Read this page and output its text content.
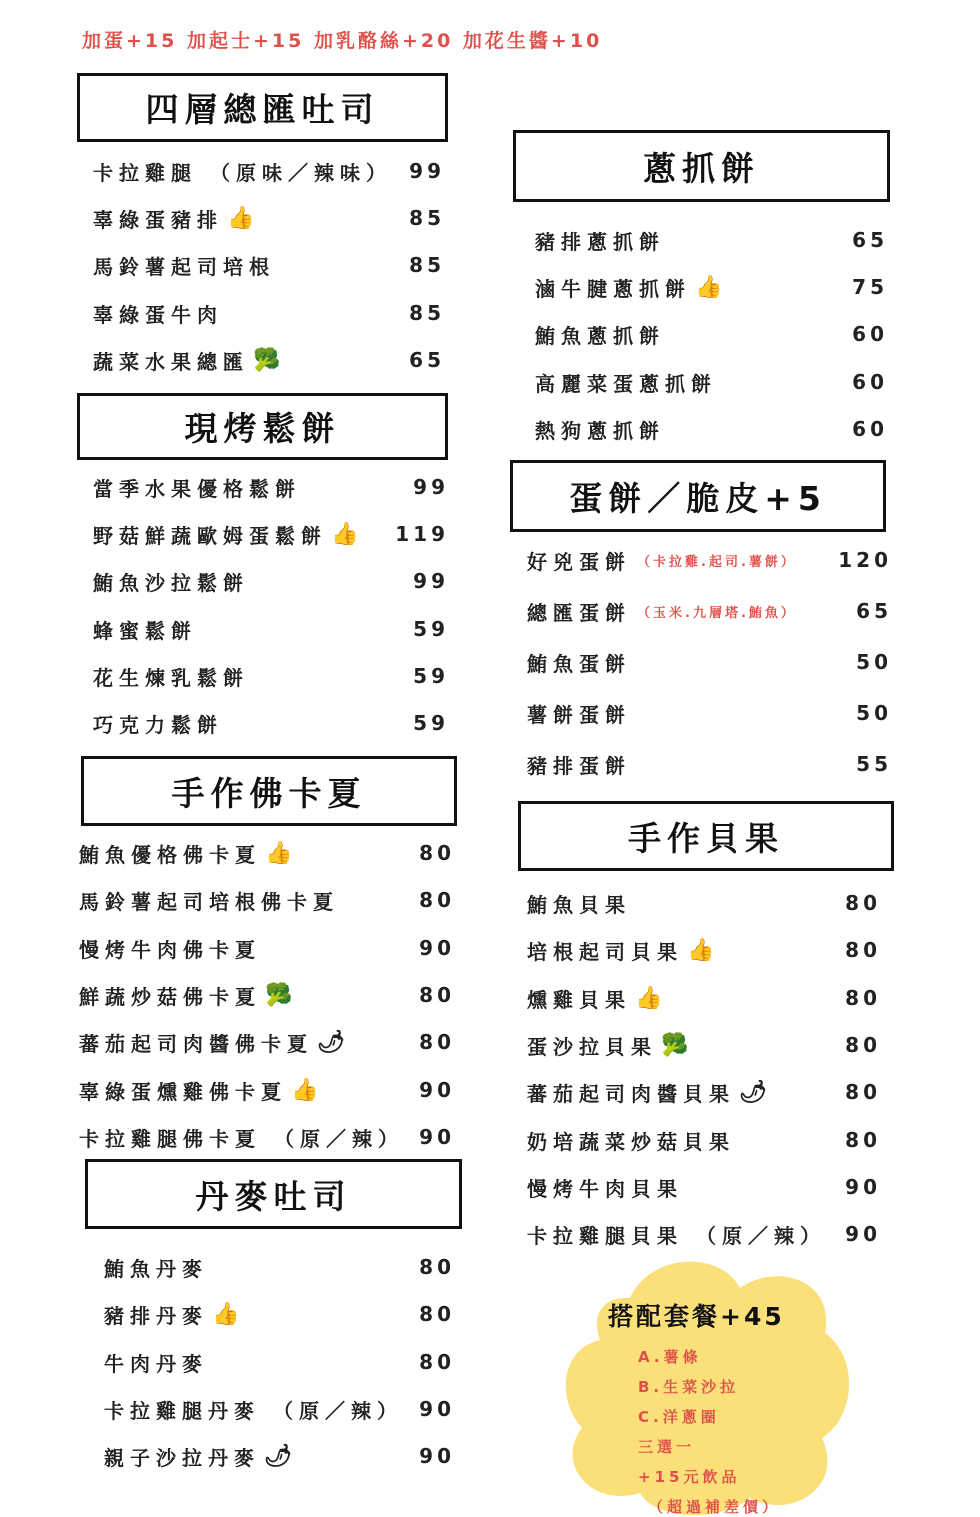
加蛋+15 加起士+15 加乳酪絲+20 加花生醬+10
四層總匯吐司
現烤鬆餅
手作佛卡夏
丹麥吐司
蔥抓餅
蛋餅／脆皮+5
手作貝果
卡拉雞腿 （原味／辣味） 99
辜綠蛋豬排 👍	85
馬鈴薯起司培根	85
辜綠蛋牛肉	85
蔬菜水果總匯 🥦	65
當季水果優格鬆餅	99
野菇鮮蔬歐姆蛋鬆餅 👍 119
鮪魚沙拉鬆餅	99
蜂蜜鬆餅	59
花生煉乳鬆餅	59
巧克力鬆餅	59
鮪魚優格佛卡夏 👍	80
馬鈴薯起司培根佛卡夏	80
慢烤牛肉佛卡夏	90
鮮蔬炒菇佛卡夏 🥦	80
蕃茄起司肉醬佛卡夏 🌶	80
辜綠蛋燻雞佛卡夏 👍	90
卡拉雞腿佛卡夏 （原／辣） 90
鮪魚丹麥	80
豬排丹麥 👍	80
牛肉丹麥	80
卡拉雞腿丹麥 （原／辣） 90
親子沙拉丹麥 🌶	90
豬排蔥抓餅	65
滷牛腱蔥抓餅 👍	75
鮪魚蔥抓餅	60
高麗菜蛋蔥抓餅	60
熱狗蔥抓餅	60
好兇蛋餅 （卡拉雞.起司.薯餅） 120
總匯蛋餅 （玉米.九層塔.鮪魚）	65
鮪魚蛋餅	50
薯餅蛋餅	50
豬排蛋餅	55
鮪魚貝果	80
培根起司貝果 👍	80
燻雞貝果 👍	80
蛋沙拉貝果 🥦	80
蕃茄起司肉醬貝果 🌶	80
奶培蔬菜炒菇貝果	80
慢烤牛肉貝果	90
卡拉雞腿貝果 （原／辣） 90
搭配套餐+45
A.薯條
B.生菜沙拉
C.洋蔥圈
三選一
+15元飲品
（超過補差價）
